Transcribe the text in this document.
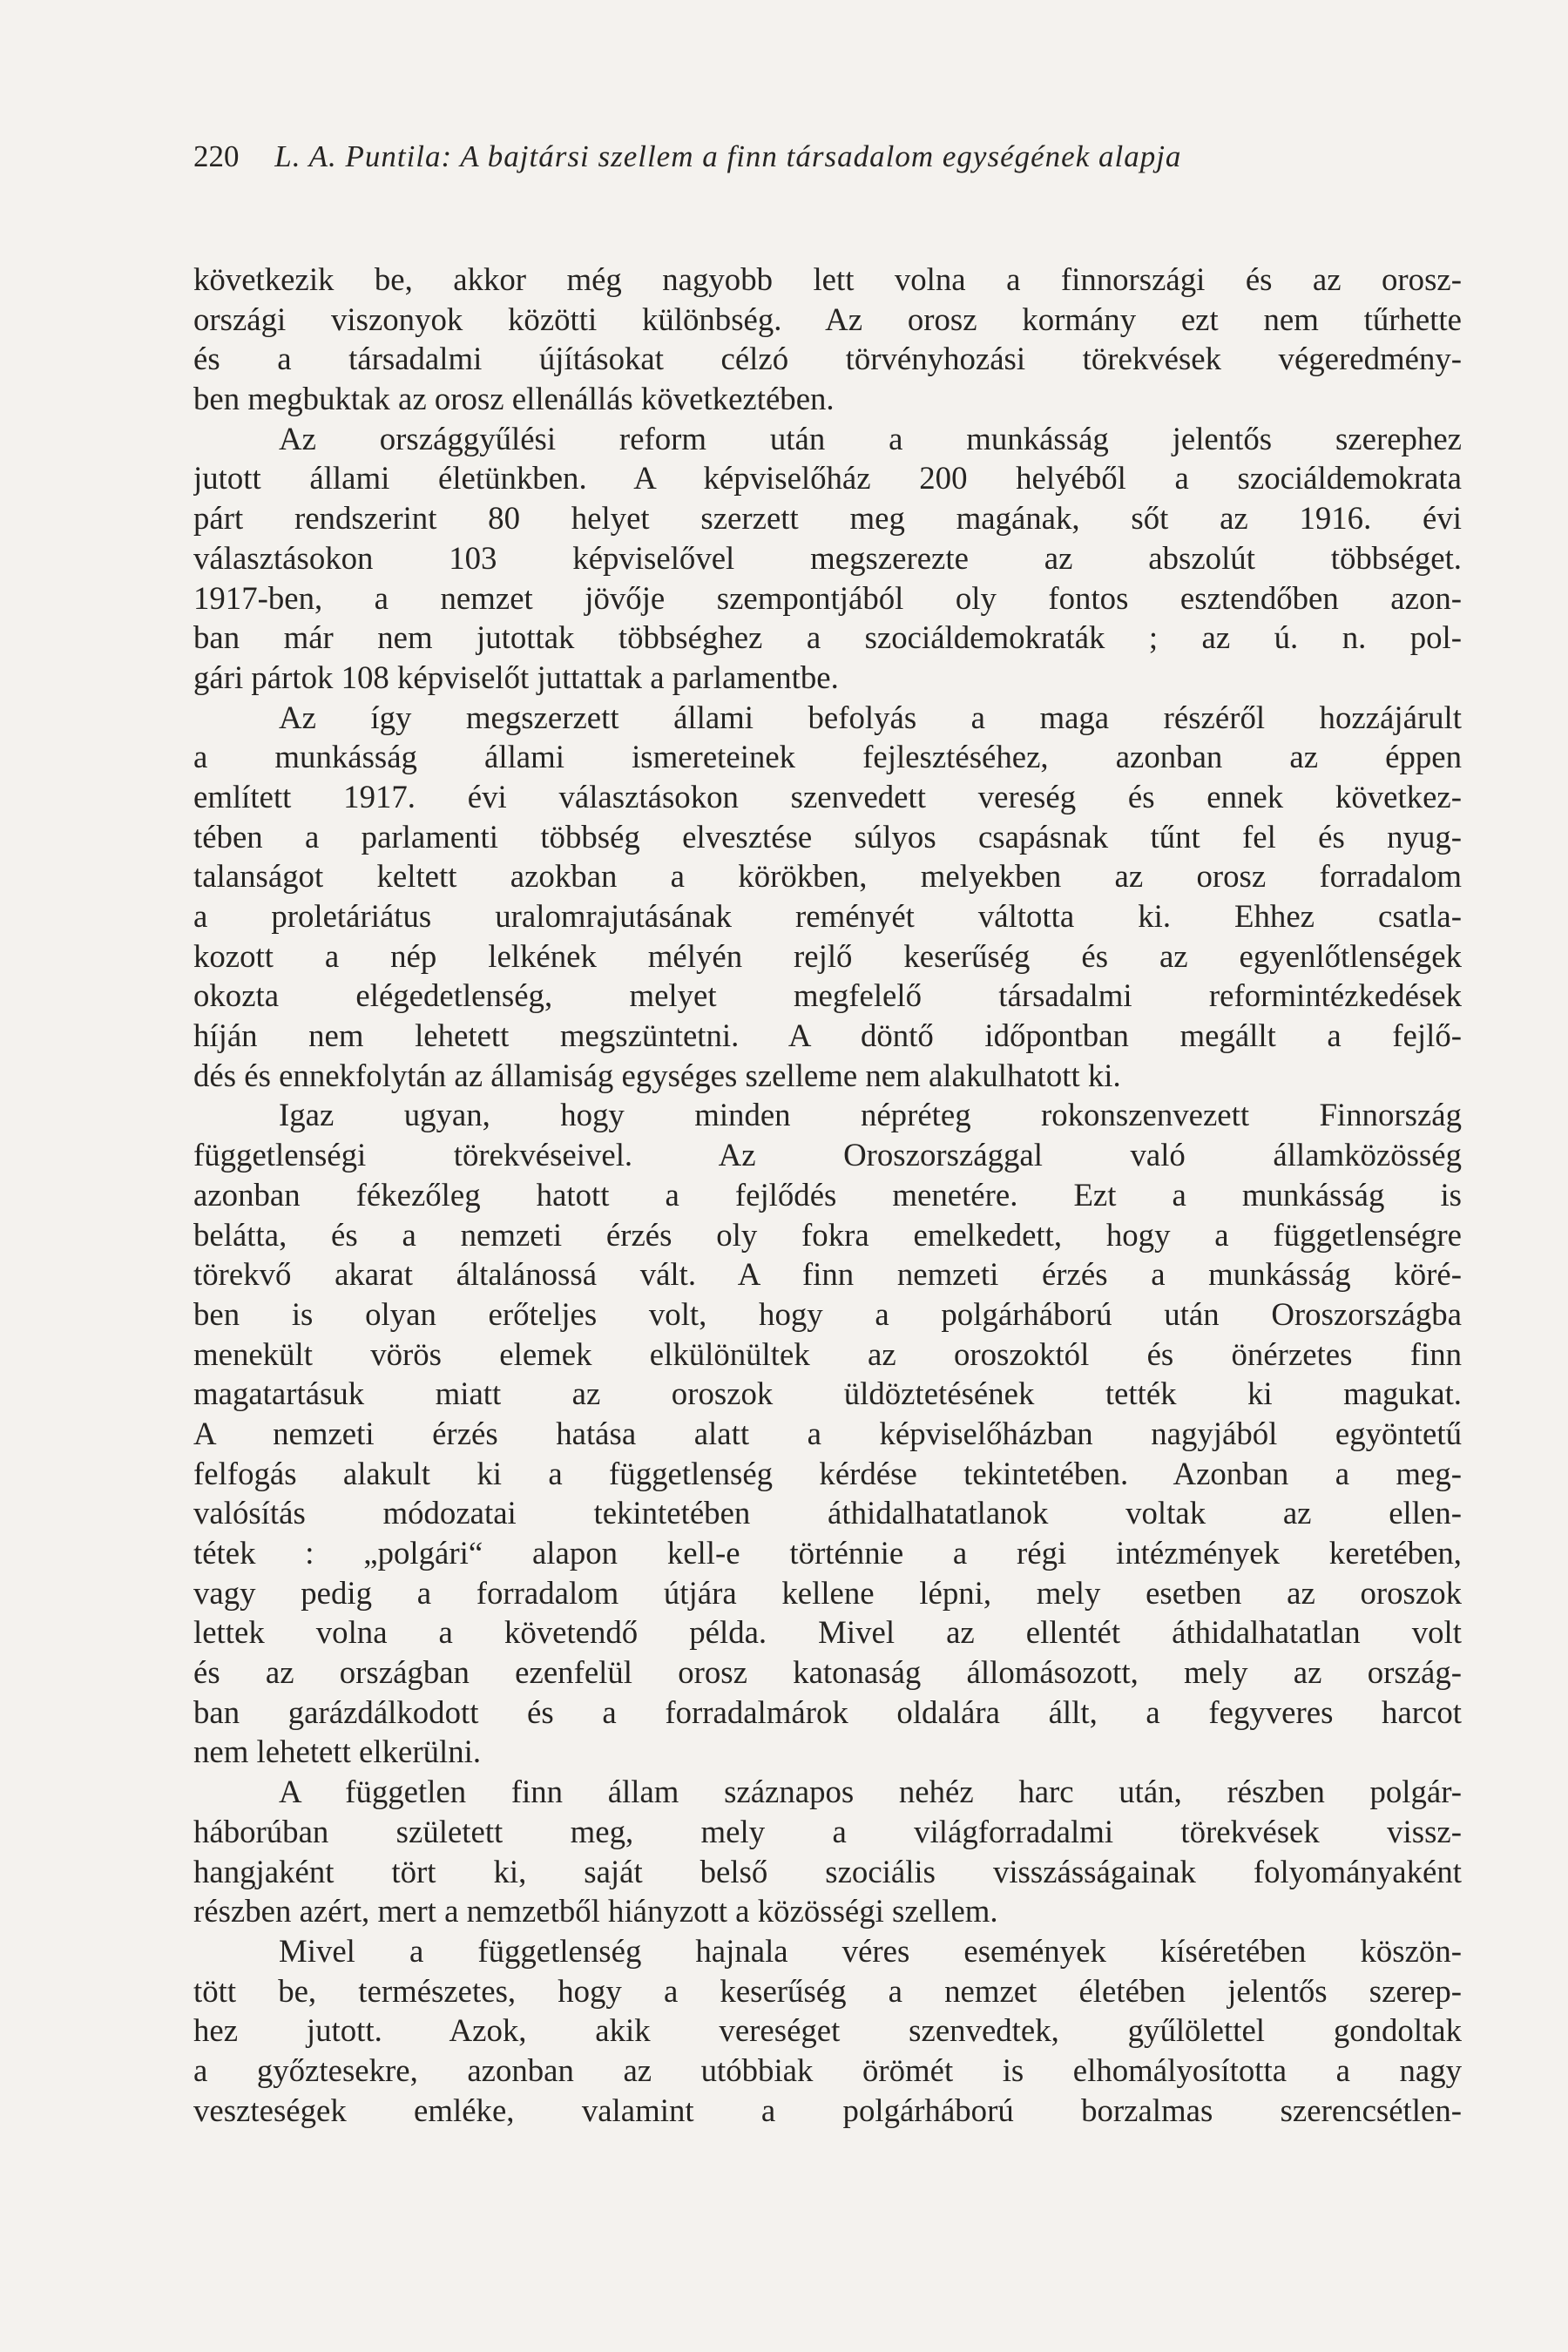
220 L. A. Puntila: A bajtársi szellem a finn társadalom egységének alapja
következik be, akkor még nagyobb lett volna a finnországi és az orosz-
országi viszonyok közötti különbség. Az orosz kormány ezt nem tűrhette
és a társadalmi újításokat célzó törvényhozási törekvések végeredmény-
ben megbuktak az orosz ellenállás következtében.
Az országgyűlési reform után a munkásság jelentős szerephez
jutott állami életünkben. A képviselőház 200 helyéből a szociáldemokrata
párt rendszerint 80 helyet szerzett meg magának, sőt az 1916. évi
választásokon 103 képviselővel megszerezte az abszolút többséget.
1917-ben, a nemzet jövője szempontjából oly fontos esztendőben azon-
ban már nem jutottak többséghez a szociáldemokraták ; az ú. n. pol-
gári pártok 108 képviselőt juttattak a parlamentbe.
Az így megszerzett állami befolyás a maga részéről hozzájárult
a munkásság állami ismereteinek fejlesztéséhez, azonban az éppen
említett 1917. évi választásokon szenvedett vereség és ennek következ-
tében a parlamenti többség elvesztése súlyos csapásnak tűnt fel és nyug-
talanságot keltett azokban a körökben, melyekben az orosz forradalom
a proletáriátus uralomrajutásának reményét váltotta ki. Ehhez csatla-
kozott a nép lelkének mélyén rejlő keserűség és az egyenlőtlenségek
okozta elégedetlenség, melyet megfelelő társadalmi reformintézkedések
híján nem lehetett megszüntetni. A döntő időpontban megállt a fejlő-
dés és ennekfolytán az államiság egységes szelleme nem alakulhatott ki.
Igaz ugyan, hogy minden népréteg rokonszenvezett Finnország
függetlenségi törekvéseivel. Az Oroszországgal való államközösség
azonban fékezőleg hatott a fejlődés menetére. Ezt a munkásság is
belátta, és a nemzeti érzés oly fokra emelkedett, hogy a függetlenségre
törekvő akarat általánossá vált. A finn nemzeti érzés a munkásság köré-
ben is olyan erőteljes volt, hogy a polgárháború után Oroszországba
menekült vörös elemek elkülönültek az oroszoktól és önérzetes finn
magatartásuk miatt az oroszok üldöztetésének tették ki magukat.
A nemzeti érzés hatása alatt a képviselőházban nagyjából egyöntetű
felfogás alakult ki a függetlenség kérdése tekintetében. Azonban a meg-
valósítás módozatai tekintetében áthidalhatatlanok voltak az ellen-
tétek : „polgári“ alapon kell-e történnie a régi intézmények keretében,
vagy pedig a forradalom útjára kellene lépni, mely esetben az oroszok
lettek volna a követendő példa. Mivel az ellentét áthidalhatatlan volt
és az országban ezenfelül orosz katonaság állomásozott, mely az ország-
ban garázdálkodott és a forradalmárok oldalára állt, a fegyveres harcot
nem lehetett elkerülni.
A független finn állam száznapos nehéz harc után, részben polgár-
háborúban született meg, mely a világforradalmi törekvések vissz-
hangjaként tört ki, saját belső szociális visszásságainak folyományaként
részben azért, mert a nemzetből hiányzott a közösségi szellem.
Mivel a függetlenség hajnala véres események kíséretében köszön-
tött be, természetes, hogy a keserűség a nemzet életében jelentős szerep-
hez jutott. Azok, akik vereséget szenvedtek, gyűlölettel gondoltak
a győztesekre, azonban az utóbbiak örömét is elhomályosította a nagy
veszteségek emléke, valamint a polgárháború borzalmas szerencsétlen-
